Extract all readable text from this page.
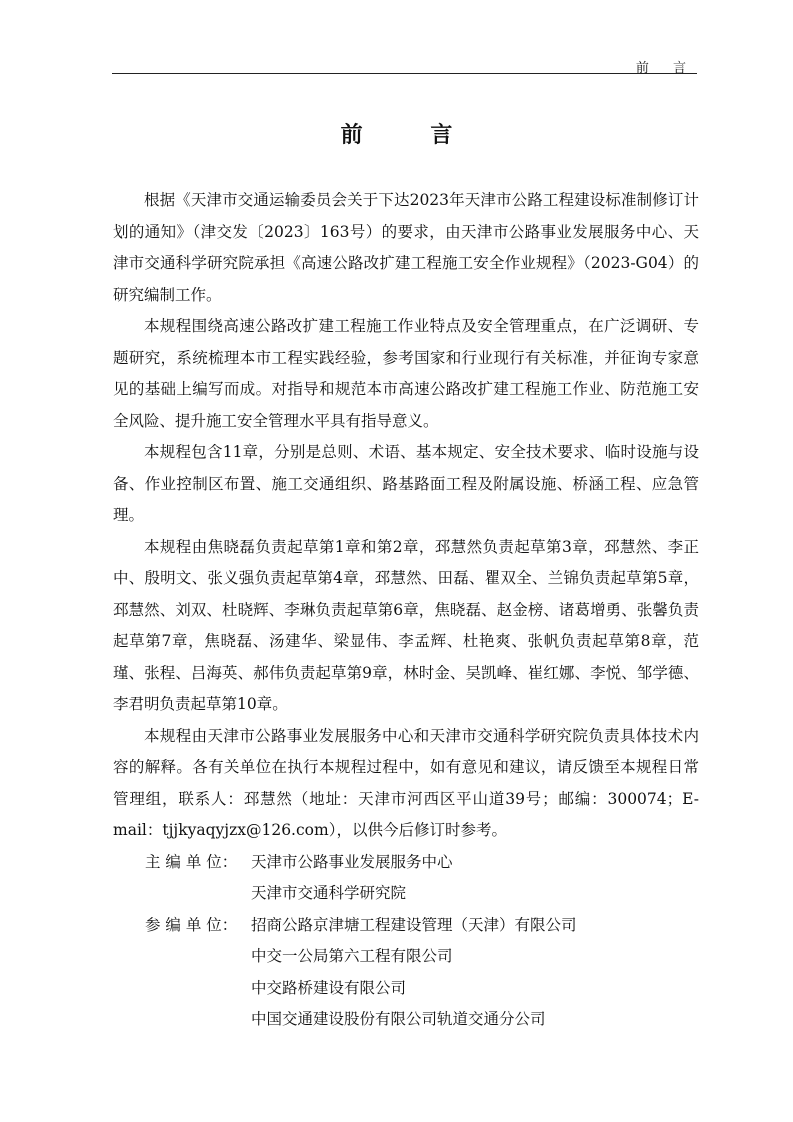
前 言
前 言

根据《天津市交通运输委员会关于下达2023年天津市公路工程建设标准制修订计划的通知》（津交发〔2023〕163号）的要求，由天津市公路事业发展服务中心、天津市交通科学研究院承担《高速公路改扩建工程施工安全作业规程》（2023-G04）的研究编制工作。

本规程围绕高速公路改扩建工程施工作业特点及安全管理重点，在广泛调研、专题研究，系统梳理本市工程实践经验，参考国家和行业现行有关标准，并征询专家意见的基础上编写而成。对指导和规范本市高速公路改扩建工程施工作业、防范施工安全风险、提升施工安全管理水平具有指导意义。

本规程包含11章，分别是总则、术语、基本规定、安全技术要求、临时设施与设备、作业控制区布置、施工交通组织、路基路面工程及附属设施、桥涵工程、应急管理。

本规程由焦晓磊负责起草第1章和第2章，邳慧然负责起草第3章，邳慧然、李正中、殷明文、张义强负责起草第4章，邳慧然、田磊、瞿双全、兰锦负责起草第5章，邳慧然、刘双、杜晓辉、李琳负责起草第6章，焦晓磊、赵金榜、诸葛增勇、张馨负责起草第7章，焦晓磊、汤建华、梁显伟、李孟辉、杜艳爽、张帆负责起草第8章，范瑾、张程、吕海英、郝伟负责起草第9章，林时金、吴凯峰、崔红娜、李悦、邹学德、李君明负责起草第10章。

本规程由天津市公路事业发展服务中心和天津市交通科学研究院负责具体技术内容的解释。各有关单位在执行本规程过程中，如有意见和建议，请反馈至本规程日常管理组，联系人：邳慧然（地址：天津市河西区平山道39号；邮编：300074；E-mail：tjjkyaqyjzx@126.com），以供今后修订时参考。

主 编 单 位： 天津市公路事业发展服务中心
天津市交通科学研究院
参 编 单 位： 招商公路京津塘工程建设管理（天津）有限公司
中交一公局第六工程有限公司
中交路桥建设有限公司
中国交通建设股份有限公司轨道交通分公司
